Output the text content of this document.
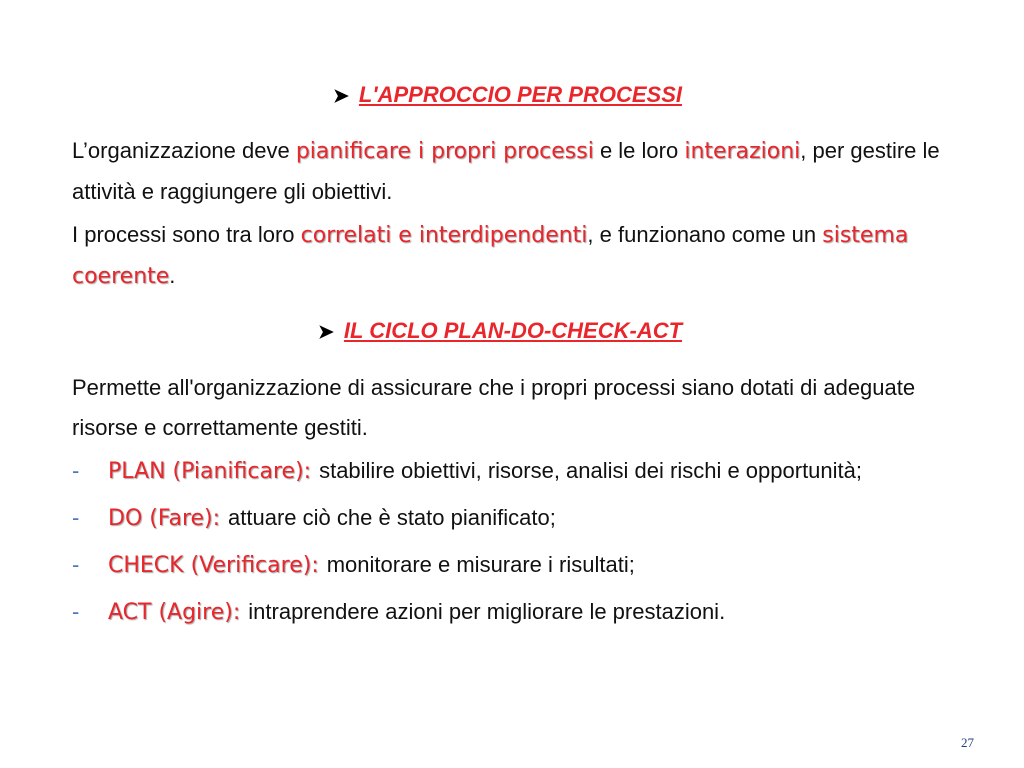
➤ L'APPROCCIO PER PROCESSI
L’organizzazione deve pianificare i propri processi e le loro interazioni, per gestire le attività e raggiungere gli obiettivi.
I processi sono tra loro correlati e interdipendenti, e funzionano come un sistema coerente.
➤ IL CICLO PLAN-DO-CHECK-ACT
Permette all'organizzazione di assicurare che i propri processi siano dotati di adeguate risorse e correttamente gestiti.
- PLAN (Pianificare): stabilire obiettivi, risorse, analisi dei rischi e opportunità;
- DO (Fare): attuare ciò che è stato pianificato;
- CHECK (Verificare): monitorare e misurare i risultati;
- ACT (Agire): intraprendere azioni per migliorare le prestazioni.
27
